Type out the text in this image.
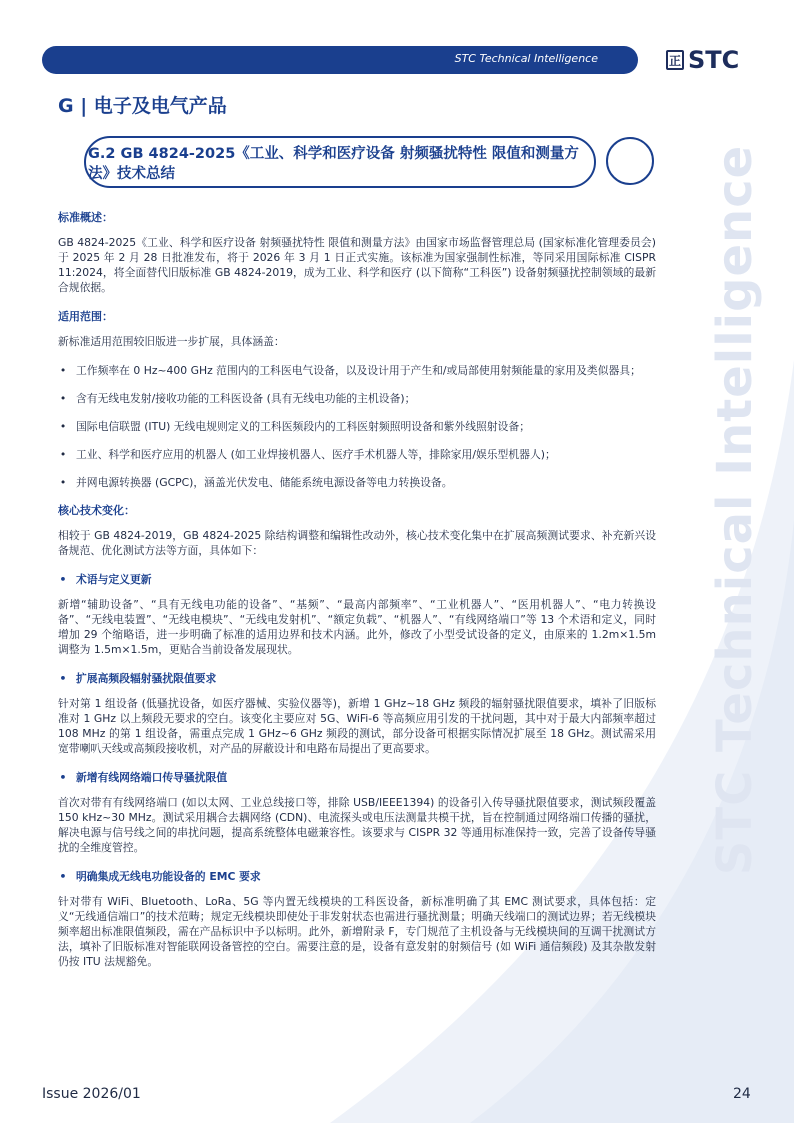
STC Technical Intelligence
STC Technical Intelligence	正 STC
G | 电子及电气产品
G.2 GB 4824-2025《工业、科学和医疗设备 射频骚扰特性 限值和测量方法》技术总结
标准概述：
GB 4824-2025《工业、科学和医疗设备 射频骚扰特性 限值和测量方法》由国家市场监督管理总局 (国家标准化管理委员会) 于 2025 年 2 月 28 日批准发布，将于 2026 年 3 月 1 日正式实施。该标准为国家强制性标准，等同采用国际标准 CISPR 11:2024，将全面替代旧版标准 GB 4824-2019，成为工业、科学和医疗 (以下简称“工科医”) 设备射频骚扰控制领域的最新合规依据。
适用范围：
新标准适用范围较旧版进一步扩展，具体涵盖：
• 工作频率在 0 Hz~400 GHz 范围内的工科医电气设备，以及设计用于产生和/或局部使用射频能量的家用及类似器具；
• 含有无线电发射/接收功能的工科医设备 (具有无线电功能的主机设备)；
• 国际电信联盟 (ITU) 无线电规则定义的工科医频段内的工科医射频照明设备和紫外线照射设备；
• 工业、科学和医疗应用的机器人 (如工业焊接机器人、医疗手术机器人等，排除家用/娱乐型机器人)；
• 并网电源转换器 (GCPC)，涵盖光伏发电、储能系统电源设备等电力转换设备。
核心技术变化：
相较于 GB 4824-2019，GB 4824-2025 除结构调整和编辑性改动外，核心技术变化集中在扩展高频测试要求、补充新兴设备规范、优化测试方法等方面，具体如下：
• 术语与定义更新
新增“辅助设备”、“具有无线电功能的设备”、“基频”、“最高内部频率”、“工业机器人”、“医用机器人”、“电力转换设备”、“无线电装置”、“无线电模块”、“无线电发射机”、“额定负载”、“机器人”、“有线网络端口”等 13 个术语和定义，同时增加 29 个缩略语，进一步明确了标准的适用边界和技术内涵。此外，修改了小型受试设备的定义，由原来的 1.2m×1.5m 调整为 1.5m×1.5m，更贴合当前设备发展现状。
• 扩展高频段辐射骚扰限值要求
针对第 1 组设备 (低骚扰设备，如医疗器械、实验仪器等)，新增 1 GHz~18 GHz 频段的辐射骚扰限值要求，填补了旧版标准对 1 GHz 以上频段无要求的空白。该变化主要应对 5G、WiFi-6 等高频应用引发的干扰问题，其中对于最大内部频率超过 108 MHz 的第 1 组设备，需重点完成 1 GHz~6 GHz 频段的测试，部分设备可根据实际情况扩展至 18 GHz。测试需采用宽带喇叭天线或高频段接收机，对产品的屏蔽设计和电路布局提出了更高要求。
• 新增有线网络端口传导骚扰限值
首次对带有有线网络端口 (如以太网、工业总线接口等，排除 USB/IEEE1394) 的设备引入传导骚扰限值要求，测试频段覆盖 150 kHz~30 MHz。测试采用耦合去耦网络 (CDN)、电流探头或电压法测量共模干扰，旨在控制通过网络端口传播的骚扰，解决电源与信号线之间的串扰问题，提高系统整体电磁兼容性。该要求与 CISPR 32 等通用标准保持一致，完善了设备传导骚扰的全维度管控。
• 明确集成无线电功能设备的 EMC 要求
针对带有 WiFi、Bluetooth、LoRa、5G 等内置无线模块的工科医设备，新标准明确了其 EMC 测试要求，具体包括：定义“无线通信端口”的技术范畴；规定无线模块即使处于非发射状态也需进行骚扰测量；明确天线端口的测试边界；若无线模块频率超出标准限值频段，需在产品标识中予以标明。此外，新增附录 F，专门规范了主机设备与无线模块间的互调干扰测试方法，填补了旧版标准对智能联网设备管控的空白。需要注意的是，设备有意发射的射频信号 (如 WiFi 通信频段) 及其杂散发射仍按 ITU 法规豁免。
Issue 2026/01	24
